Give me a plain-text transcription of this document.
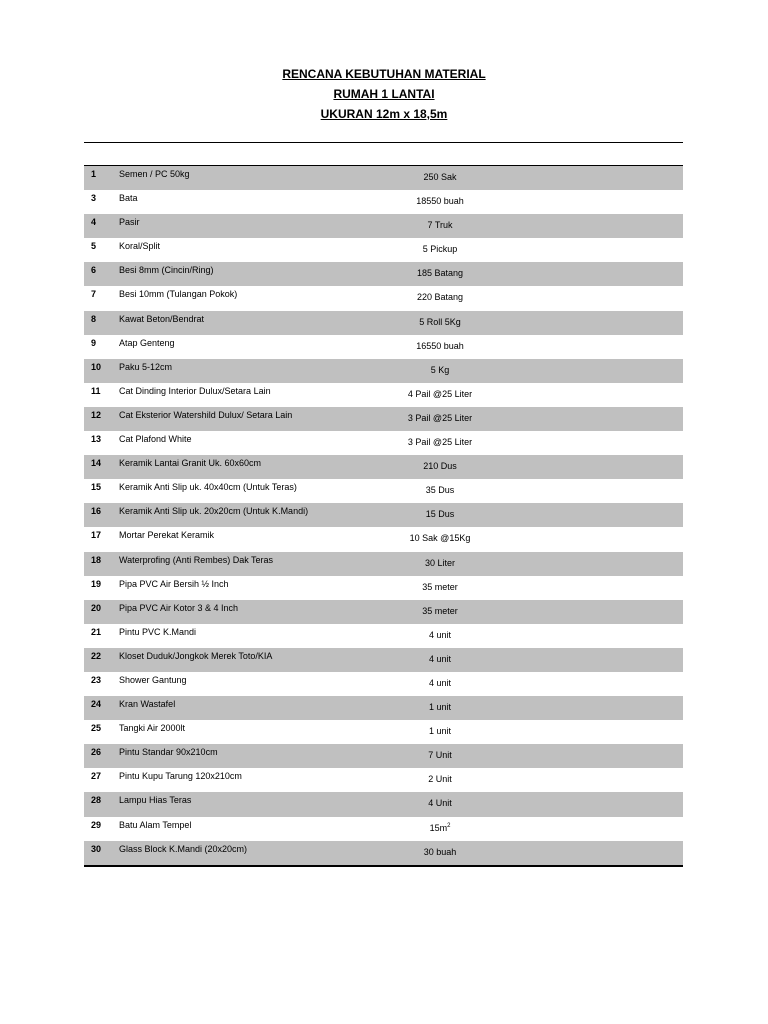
RENCANA KEBUTUHAN MATERIAL
RUMAH 1 LANTAI
UKURAN 12m x 18,5m
1	Semen / PC 50kg	250 Sak
3	Bata	18550 buah
4	Pasir	7 Truk
5	Koral/Split	5 Pickup
6	Besi 8mm (Cincin/Ring)	185 Batang
7	Besi 10mm (Tulangan Pokok)	220 Batang
8	Kawat Beton/Bendrat	5 Roll 5Kg
9	Atap Genteng	16550 buah
10 Paku 5-12cm	5 Kg
11 Cat Dinding Interior Dulux/Setara Lain	4 Pail @25 Liter
12 Cat Eksterior Watershild Dulux/ Setara Lain	3 Pail @25 Liter
13 Cat Plafond White	3 Pail @25 Liter
14 Keramik Lantai Granit Uk. 60x60cm	210 Dus
15 Keramik Anti Slip uk. 40x40cm (Untuk Teras)	35 Dus
16 Keramik Anti Slip uk. 20x20cm (Untuk K.Mandi)	15 Dus
17 Mortar Perekat Keramik	10 Sak @15Kg
18 Waterprofing (Anti Rembes) Dak Teras	30 Liter
19 Pipa PVC Air Bersih ½ Inch	35 meter
20 Pipa PVC Air Kotor 3 & 4 Inch	35 meter
21 Pintu PVC K.Mandi	4 unit
22 Kloset Duduk/Jongkok Merek Toto/KIA	4 unit
23 Shower Gantung	4 unit
24 Kran Wastafel	1 unit
25 Tangki Air 2000lt	1 unit
26 Pintu Standar 90x210cm	7 Unit
27 Pintu Kupu Tarung 120x210cm	2 Unit
28 Lampu Hias Teras	4 Unit
29 Batu Alam Tempel	$15m^2$
30 Glass Block K.Mandi (20x20cm)	30 buah
